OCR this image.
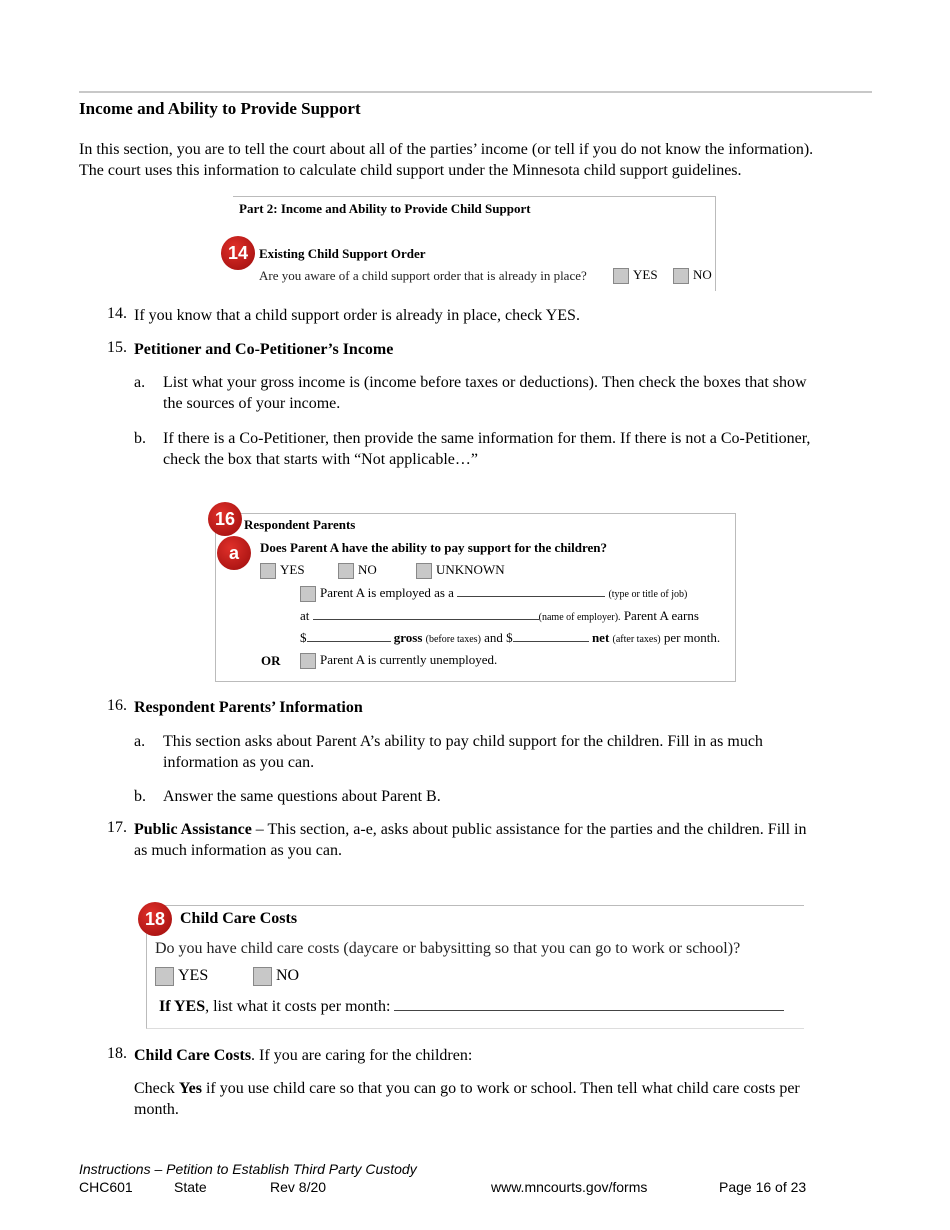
Income and Ability to Provide Support
In this section, you are to tell the court about all of the parties’ income (or tell if you do not know the information).
The court uses this information to calculate child support under the Minnesota child support guidelines.
Part 2: Income and Ability to Provide Child Support
Existing Child Support Order
Are you aware of a child support order that is already in place?	YES	NO
14
14. If you know that a child support order is already in place, check YES.
15. Petitioner and Co-Petitioner’s Income
a. List what your gross income is (income before taxes or deductions). Then check the boxes that show
the sources of your income.
b. If there is a Co-Petitioner, then provide the same information for them. If there is not a Co-Petitioner,
check the box that starts with “Not applicable…”
Respondent Parents
Does Parent A have the ability to pay support for the children?
YES	NO	UNKNOWN
Parent A is employed as a	(type or title of job)
at	(name of employer). Parent A earns
$	gross (before taxes) and $	net (after taxes) per month.
OR	Parent A is currently unemployed.
16
a
16. Respondent Parents’ Information
a. This section asks about Parent A’s ability to pay child support for the children. Fill in as much
information as you can.
b. Answer the same questions about Parent B.
17. Public Assistance – This section, a-e, asks about public assistance for the parties and the children. Fill in
as much information as you can.
Child Care Costs
Do you have child care costs (daycare or babysitting so that you can go to work or school)?
YES	NO
If YES, list what it costs per month:
18
18. Child Care Costs. If you are caring for the children:
Check Yes if you use child care so that you can go to work or school. Then tell what child care costs per
month.
Instructions – Petition to Establish Third Party Custody
CHC601	State	Rev 8/20	www.mncourts.gov/forms	Page 16 of 23
